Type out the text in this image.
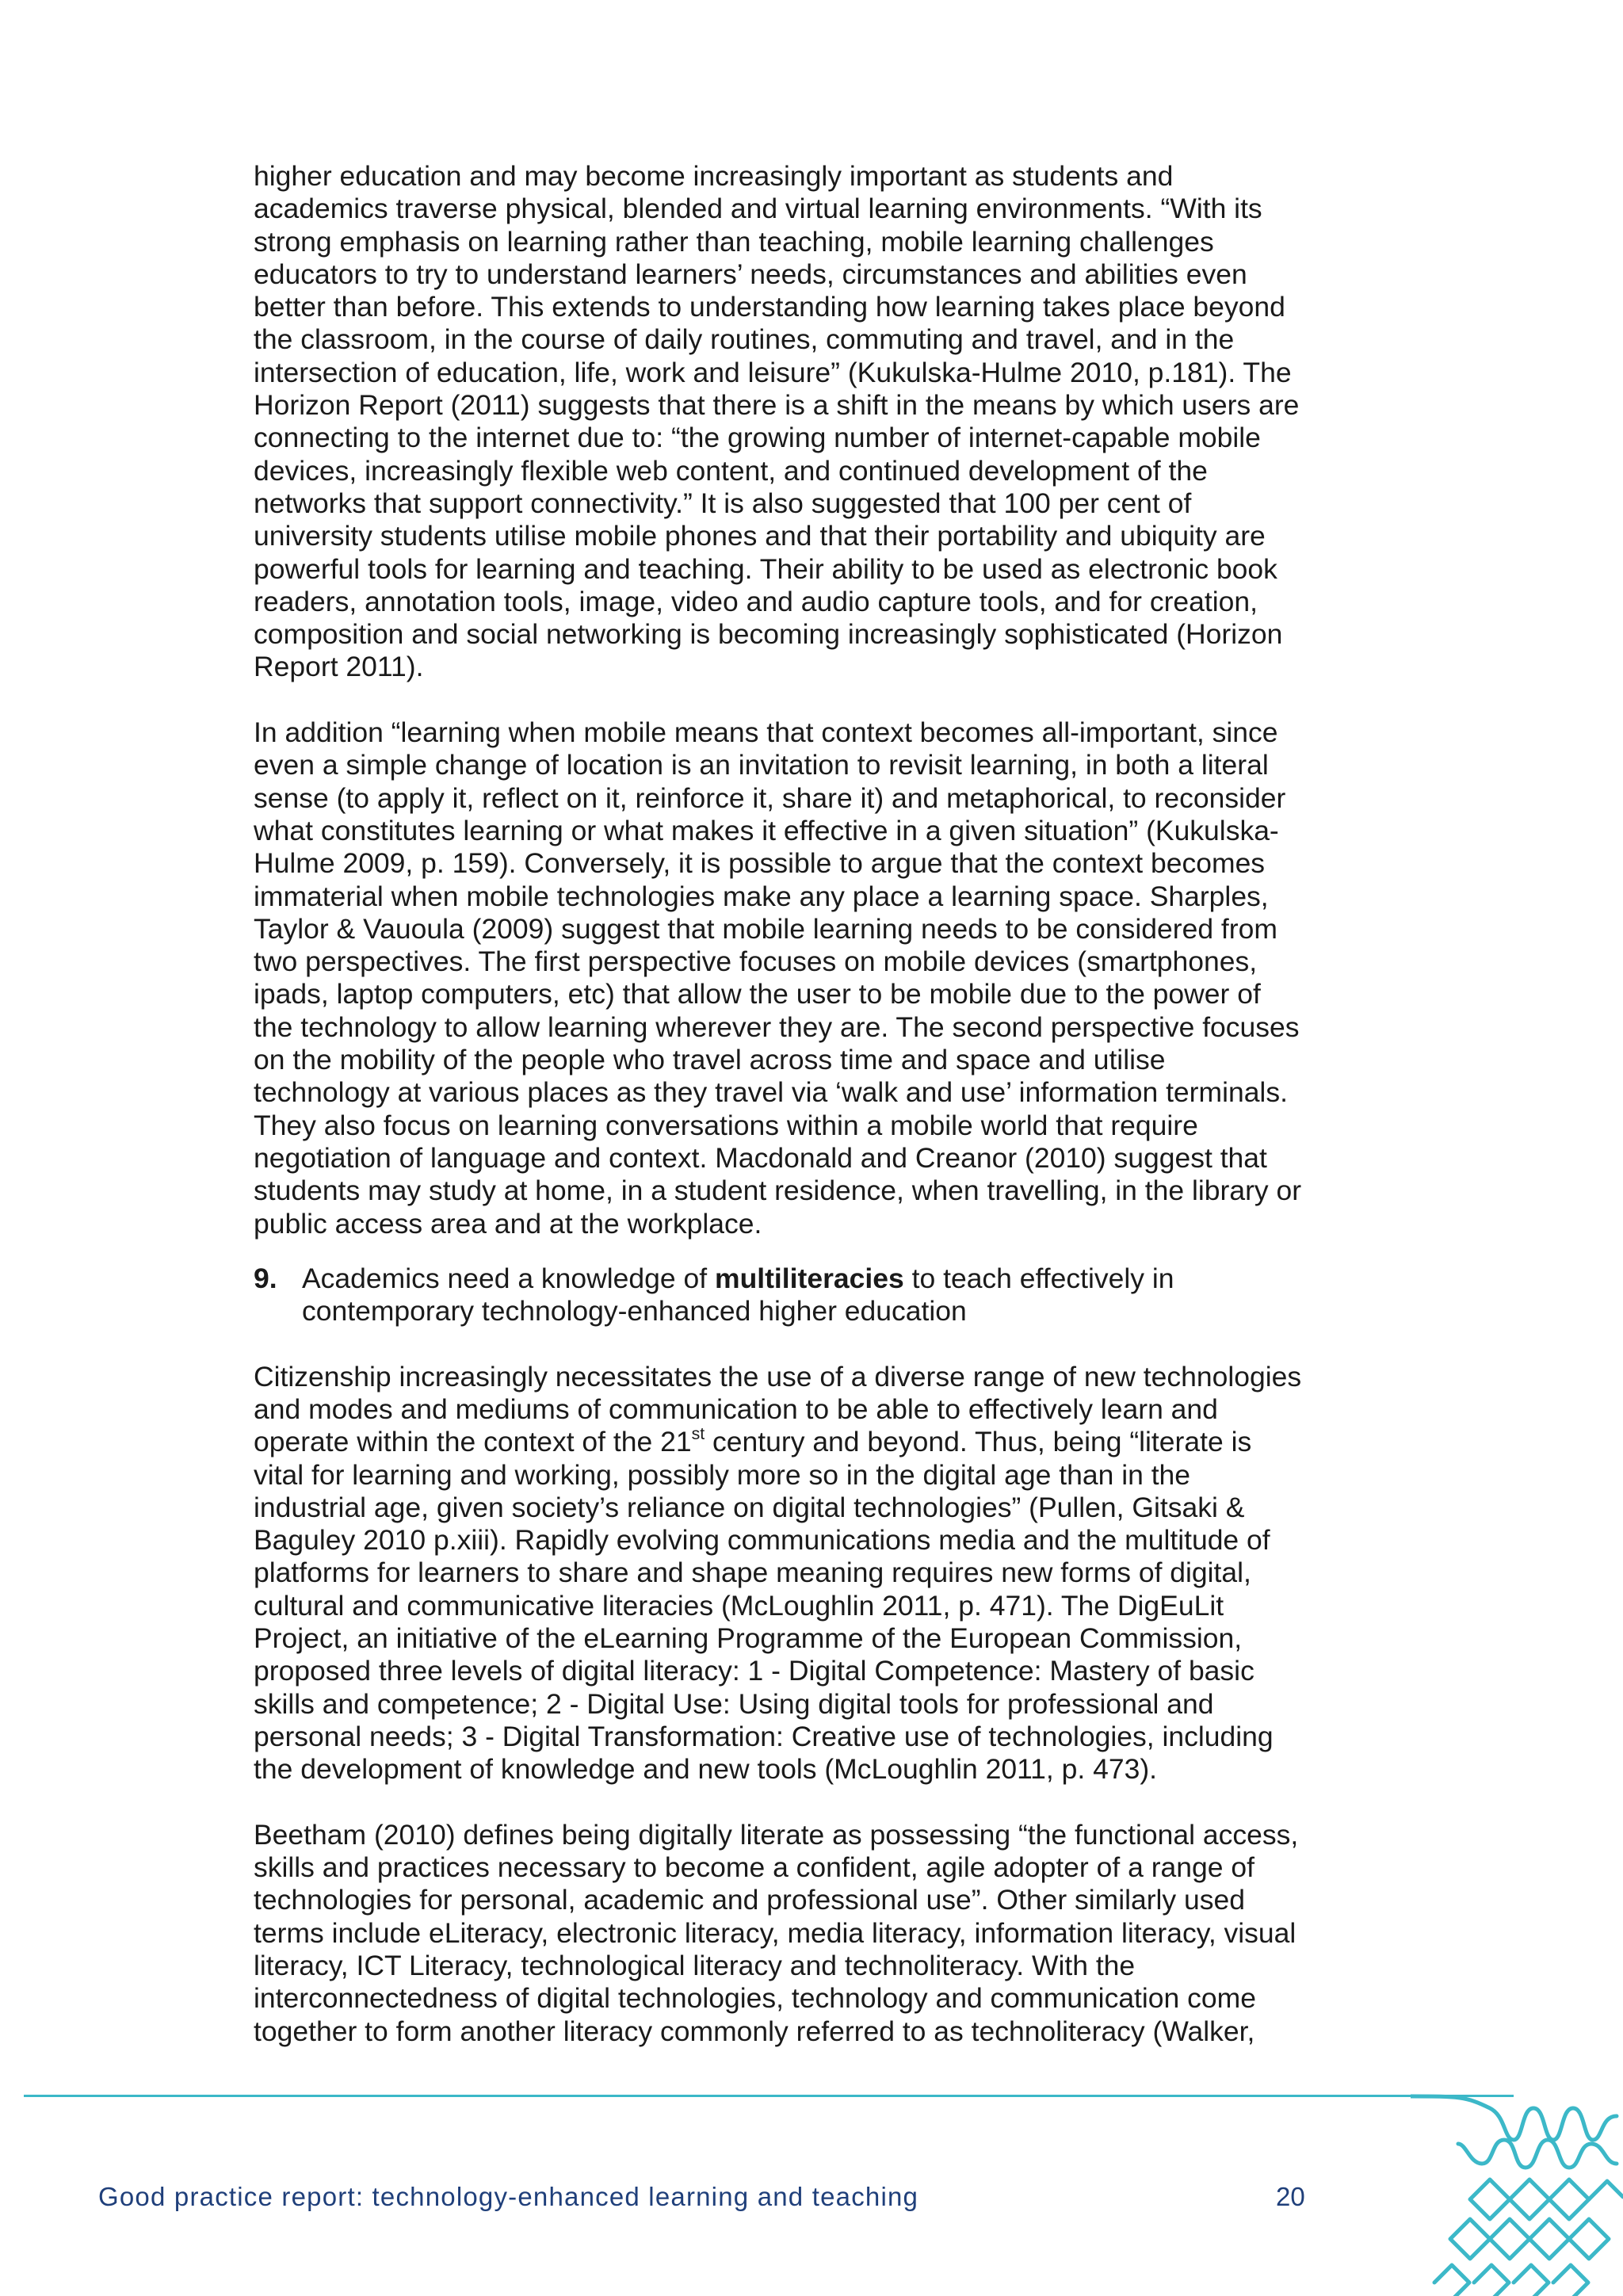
higher education and may become increasingly important as students and
academics traverse physical, blended and virtual learning environments. “With its
strong emphasis on learning rather than teaching, mobile learning challenges
educators to try to understand learners’ needs, circumstances and abilities even
better than before. This extends to understanding how learning takes place beyond
the classroom, in the course of daily routines, commuting and travel, and in the
intersection of education, life, work and leisure” (Kukulska-Hulme 2010, p.181). The
Horizon Report (2011) suggests that there is a shift in the means by which users are
connecting to the internet due to: “the growing number of internet-capable mobile
devices, increasingly flexible web content, and continued development of the
networks that support connectivity.” It is also suggested that 100 per cent of
university students utilise mobile phones and that their portability and ubiquity are
powerful tools for learning and teaching. Their ability to be used as electronic book
readers, annotation tools, image, video and audio capture tools, and for creation,
composition and social networking is becoming increasingly sophisticated (Horizon
Report 2011).
In addition “learning when mobile means that context becomes all-important, since
even a simple change of location is an invitation to revisit learning, in both a literal
sense (to apply it, reflect on it, reinforce it, share it) and metaphorical, to reconsider
what constitutes learning or what makes it effective in a given situation” (Kukulska-
Hulme 2009, p. 159). Conversely, it is possible to argue that the context becomes
immaterial when mobile technologies make any place a learning space. Sharples,
Taylor & Vauoula (2009) suggest that mobile learning needs to be considered from
two perspectives. The first perspective focuses on mobile devices (smartphones,
ipads, laptop computers, etc) that allow the user to be mobile due to the power of
the technology to allow learning wherever they are. The second perspective focuses
on the mobility of the people who travel across time and space and utilise
technology at various places as they travel via ‘walk and use’ information terminals.
They also focus on learning conversations within a mobile world that require
negotiation of language and context. Macdonald and Creanor (2010) suggest that
students may study at home, in a student residence, when travelling, in the library or
public access area and at the workplace.
9. Academics need a knowledge of multiliteracies to teach effectively in
contemporary technology-enhanced higher education
Citizenship increasingly necessitates the use of a diverse range of new technologies
and modes and mediums of communication to be able to effectively learn and
operate within the context of the 21st century and beyond. Thus, being “literate is
vital for learning and working, possibly more so in the digital age than in the
industrial age, given society’s reliance on digital technologies” (Pullen, Gitsaki &
Baguley 2010 p.xiii). Rapidly evolving communications media and the multitude of
platforms for learners to share and shape meaning requires new forms of digital,
cultural and communicative literacies (McLoughlin 2011, p. 471). The DigEuLit
Project, an initiative of the eLearning Programme of the European Commission,
proposed three levels of digital literacy: 1 - Digital Competence: Mastery of basic
skills and competence; 2 - Digital Use: Using digital tools for professional and
personal needs; 3 - Digital Transformation: Creative use of technologies, including
the development of knowledge and new tools (McLoughlin 2011, p. 473).
Beetham (2010) defines being digitally literate as possessing “the functional access,
skills and practices necessary to become a confident, agile adopter of a range of
technologies for personal, academic and professional use”. Other similarly used
terms include eLiteracy, electronic literacy, media literacy, information literacy, visual
literacy, ICT Literacy, technological literacy and technoliteracy. With the
interconnectedness of digital technologies, technology and communication come
together to form another literacy commonly referred to as technoliteracy (Walker,
Good practice report: technology-enhanced learning and teaching	20
